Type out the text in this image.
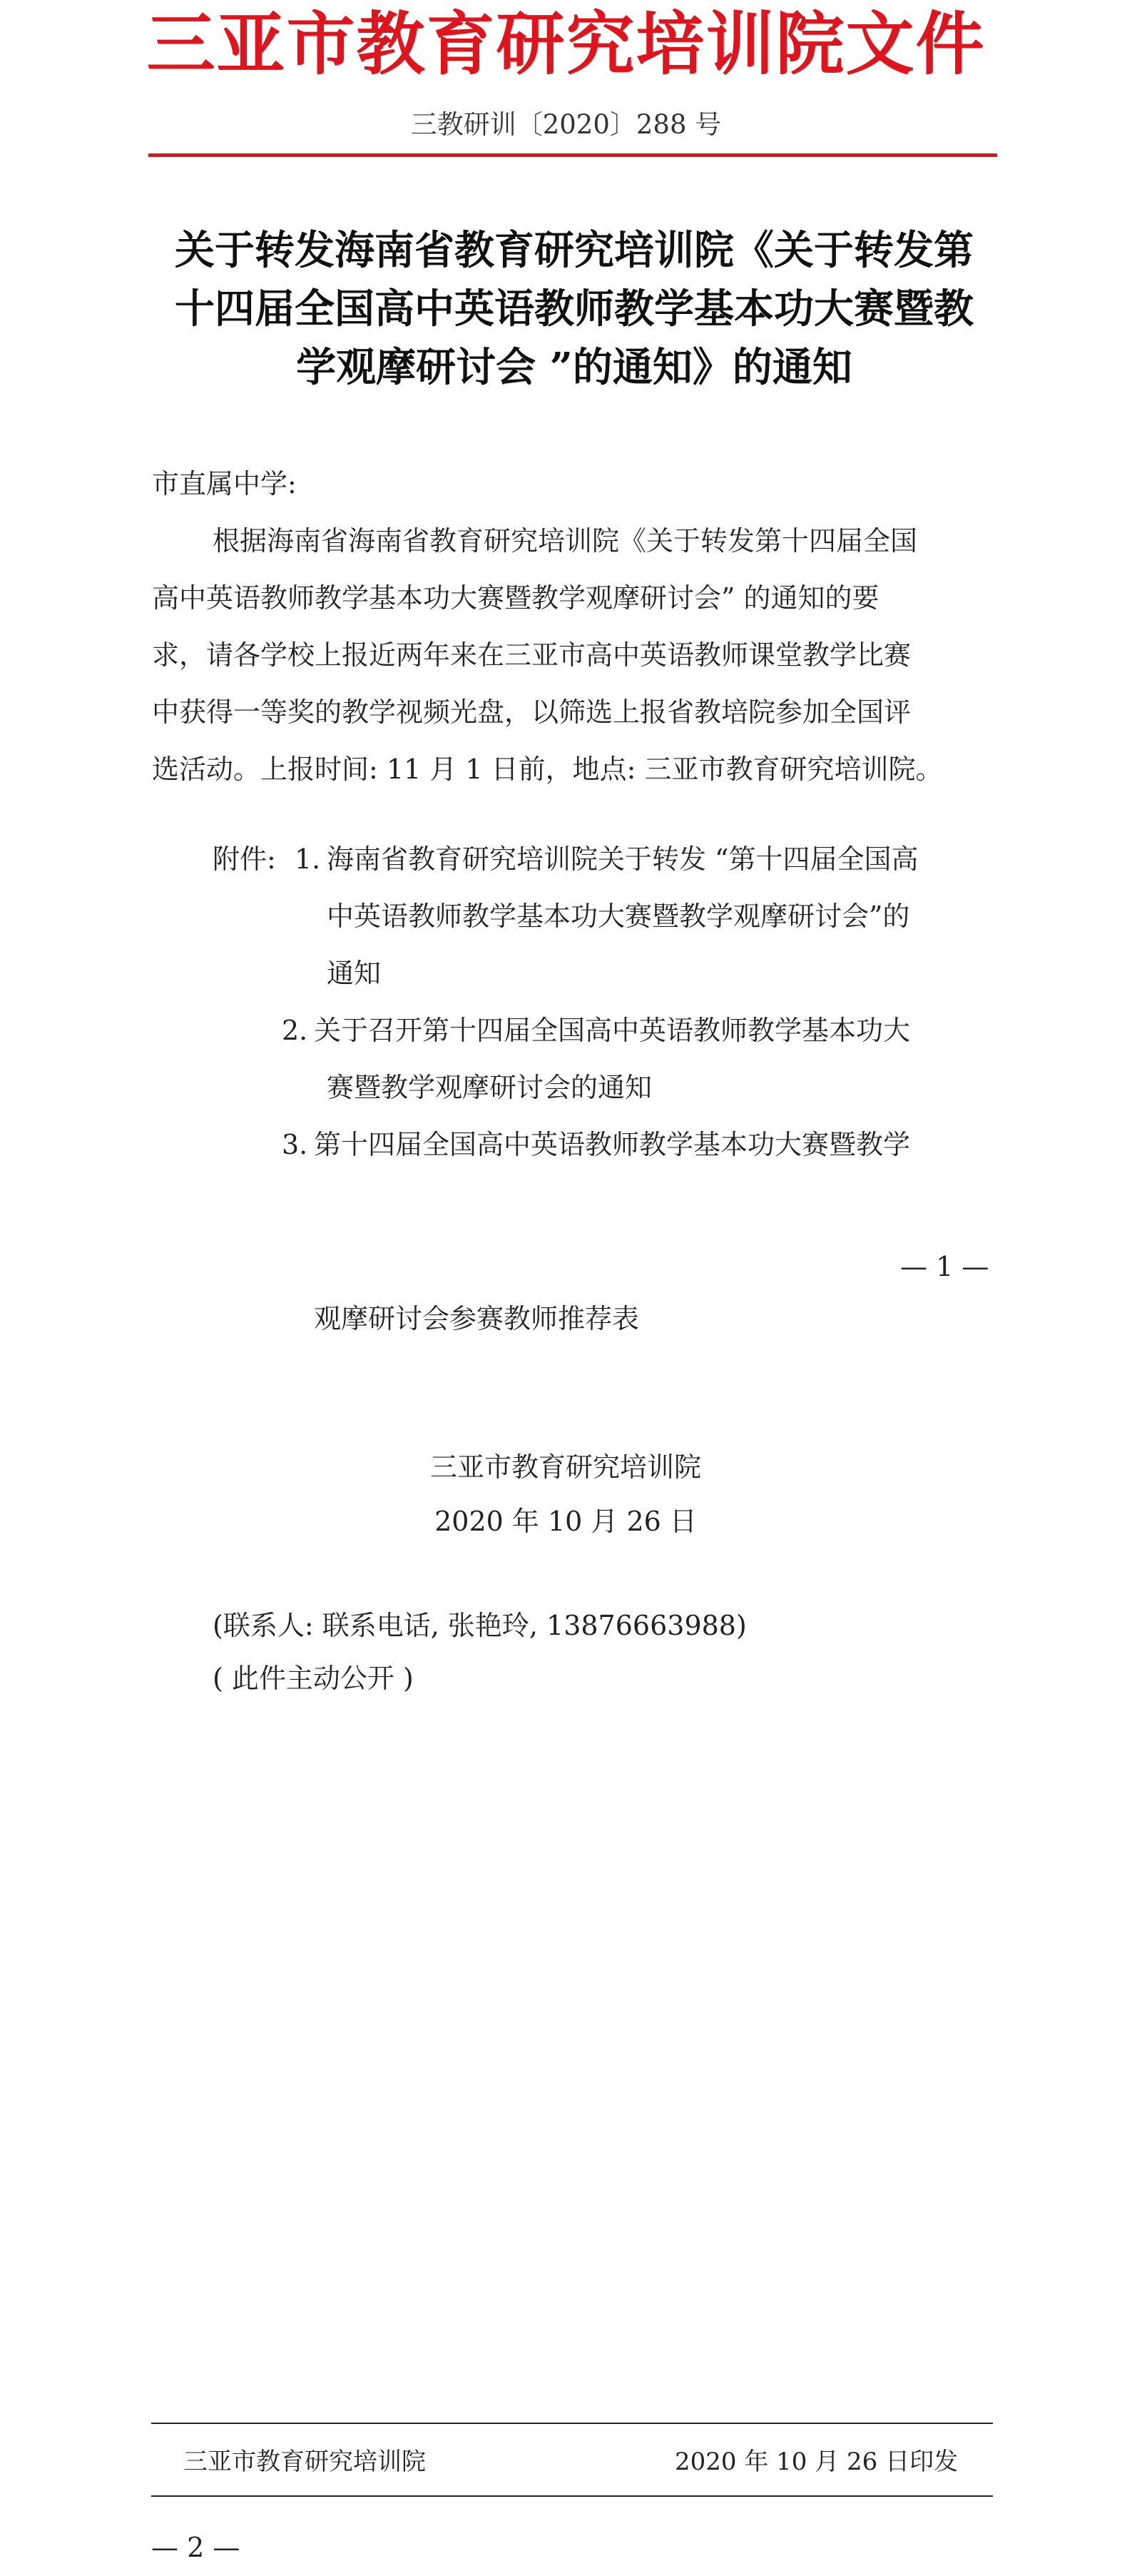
三亚市教育研究培训院文件
三教研训〔2020〕288 号
关于转发海南省教育研究培训院《关于转发第
十四届全国高中英语教师教学基本功大赛暨教
学观摩研讨会 ”的通知》的通知
市直属中学:
根据海南省海南省教育研究培训院《关于转发第十四届全国
高中英语教师教学基本功大赛暨教学观摩研讨会” 的通知的要
求，请各学校上报近两年来在三亚市高中英语教师课堂教学比赛
中获得一等奖的教学视频光盘，以筛选上报省教培院参加全国评
选活动。上报时间: 11 月 1 日前，地点: 三亚市教育研究培训院。
附件: 1. 海南省教育研究培训院关于转发 “第十四届全国高
中英语教师教学基本功大赛暨教学观摩研讨会”的
通知
2. 关于召开第十四届全国高中英语教师教学基本功大
赛暨教学观摩研讨会的通知
3. 第十四届全国高中英语教师教学基本功大赛暨教学
— 1 —
观摩研讨会参赛教师推荐表
三亚市教育研究培训院
2020 年 10 月 26 日
(联系人: 联系电话, 张艳玲, 13876663988)
( 此件主动公开 )
三亚市教育研究培训院	2020 年 10 月 26 日印发
— 2 —
